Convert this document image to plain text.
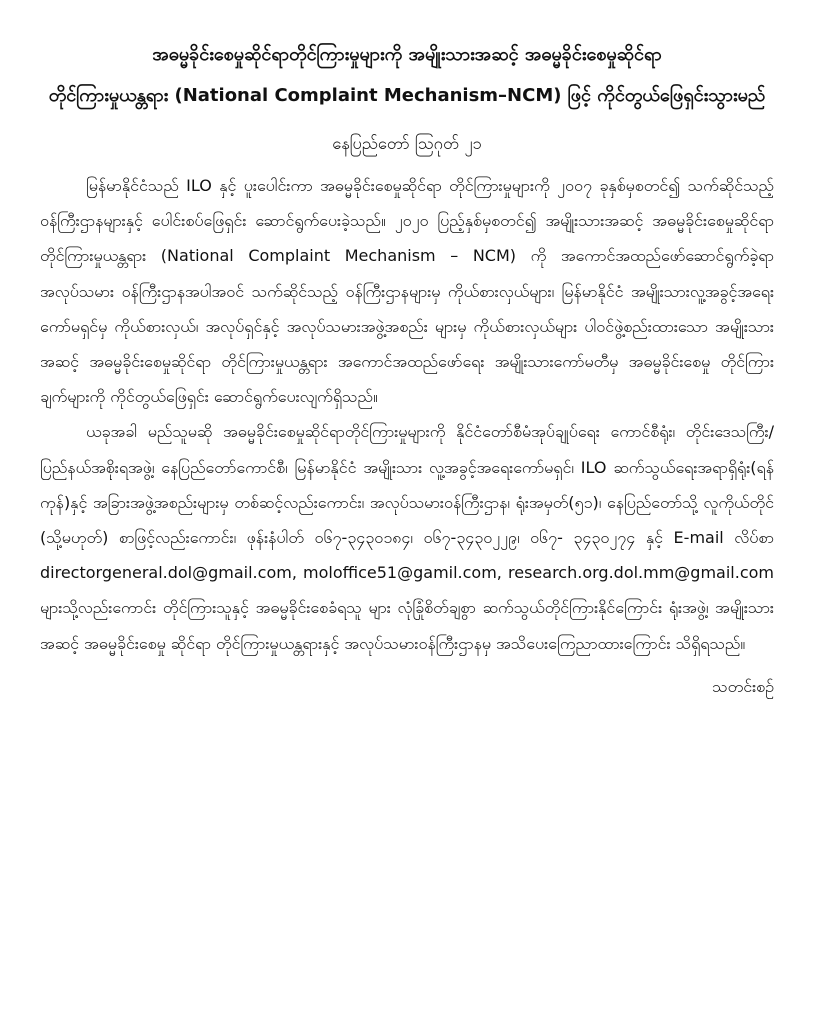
အဓမ္မခိုင်းစေမှုဆိုင်ရာတိုင်ကြားမှုများကို အမျိုးသားအဆင့် အဓမ္မခိုင်းစေမှုဆိုင်ရာ
တိုင်ကြားမှုယန္တရား (National Complaint Mechanism–NCM) ဖြင့် ကိုင်တွယ်ဖြေရှင်းသွားမည်
နေပြည်တော် ဩဂုတ် ၂၁

မြန်မာနိုင်ငံသည် ILO နှင့် ပူးပေါင်းကာ အဓမ္မခိုင်းစေမှုဆိုင်ရာ တိုင်ကြားမှုများကို ၂၀၀၇ ခုနှစ်မှစတင်၍ သက်ဆိုင်သည့် ဝန်ကြီးဌာနများနှင့် ပေါင်းစပ်ဖြေရှင်း ဆောင်ရွက်ပေးခဲ့သည်။ ၂၀၂၀ ပြည့်နှစ်မှစတင်၍ အမျိုးသားအဆင့် အဓမ္မခိုင်းစေမှုဆိုင်ရာ တိုင်ကြားမှုယန္တရား (National Complaint Mechanism – NCM) ကို အကောင်အထည်ဖော်ဆောင်ရွက်ခဲ့ရာ အလုပ်သမား ဝန်ကြီးဌာနအပါအဝင် သက်ဆိုင်သည့် ဝန်ကြီးဌာနများမှ ကိုယ်စားလှယ်များ၊ မြန်မာနိုင်ငံ အမျိုးသားလူ့အခွင့်အရေးကော်မရှင်မှ ကိုယ်စားလှယ်၊ အလုပ်ရှင်နှင့် အလုပ်သမားအဖွဲ့အစည်း များမှ ကိုယ်စားလှယ်များ ပါဝင်ဖွဲ့စည်းထားသော အမျိုးသားအဆင့် အဓမ္မခိုင်းစေမှုဆိုင်ရာ တိုင်ကြားမှုယန္တရား အကောင်အထည်ဖော်ရေး အမျိုးသားကော်မတီမှ အဓမ္မခိုင်းစေမှု တိုင်ကြား ချက်များကို ကိုင်တွယ်ဖြေရှင်း ဆောင်ရွက်ပေးလျက်ရှိသည်။

ယခုအခါ မည်သူမဆို အဓမ္မခိုင်းစေမှုဆိုင်ရာတိုင်ကြားမှုများကို နိုင်ငံတော်စီမံအုပ်ချုပ်ရေး ကောင်စီရုံး၊ တိုင်းဒေသကြီး/ပြည်နယ်အစိုးရအဖွဲ့၊ နေပြည်တော်ကောင်စီ၊ မြန်မာနိုင်ငံ အမျိုးသား လူ့အခွင့်အရေးကော်မရှင်၊ ILO ဆက်သွယ်ရေးအရာရှိရုံး(ရန်ကုန်)နှင့် အခြားအဖွဲ့အစည်းများမှ တစ်ဆင့်လည်းကောင်း၊ အလုပ်သမားဝန်ကြီးဌာန၊ ရုံးအမှတ်(၅၁)၊ နေပြည်တော်သို့ လူကိုယ်တိုင် (သို့မဟုတ်) စာဖြင့်လည်းကောင်း၊ ဖုန်းနံပါတ် ၀၆၇-၃၄၃၀၁၈၄၊ ၀၆၇-၃၄၃၀၂၂၉၊ ၀၆၇- ၃၄၃၀၂၇၄ နှင့် E-mail လိပ်စာ directorgeneral.dol@gmail.com, moloffice51@gamil.com, research.org.dol.mm@gmail.com များသို့လည်းကောင်း တိုင်ကြားသူနှင့် အဓမ္မခိုင်းစေခံရသူ များ လုံခြုံစိတ်ချစွာ ဆက်သွယ်တိုင်ကြားနိုင်ကြောင်း ရုံးအဖွဲ့၊ အမျိုးသားအဆင့် အဓမ္မခိုင်းစေမှု ဆိုင်ရာ တိုင်ကြားမှုယန္တရားနှင့် အလုပ်သမားဝန်ကြီးဌာနမှ အသိပေးကြေညာထားကြောင်း သိရှိရသည်။

သတင်းစဉ်
